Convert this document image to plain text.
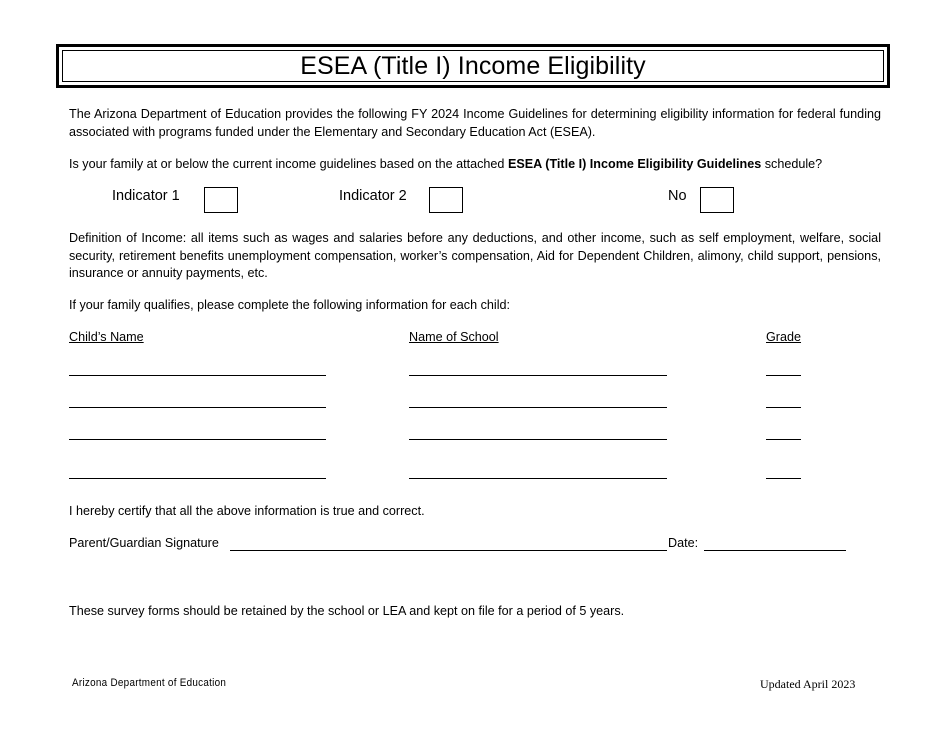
ESEA (Title I) Income Eligibility
The Arizona Department of Education provides the following FY 2024 Income Guidelines for determining eligibility information for federal funding associated with programs funded under the Elementary and Secondary Education Act (ESEA).
Is your family at or below the current income guidelines based on the attached ESEA (Title I) Income Eligibility Guidelines schedule?
Indicator 1	Indicator 2	No
Definition of Income: all items such as wages and salaries before any deductions, and other income, such as self employment, welfare, social security, retirement benefits unemployment compensation, worker’s compensation, Aid for Dependent Children, alimony, child support, pensions, insurance or annuity payments, etc.
If your family qualifies, please complete the following information for each child:
Child’s Name	Name of School	Grade
I hereby certify that all the above information is true and correct.
Parent/Guardian Signature	Date:
These survey forms should be retained by the school or LEA and kept on file for a period of 5 years.
Arizona Department of Education	Updated April 2023
